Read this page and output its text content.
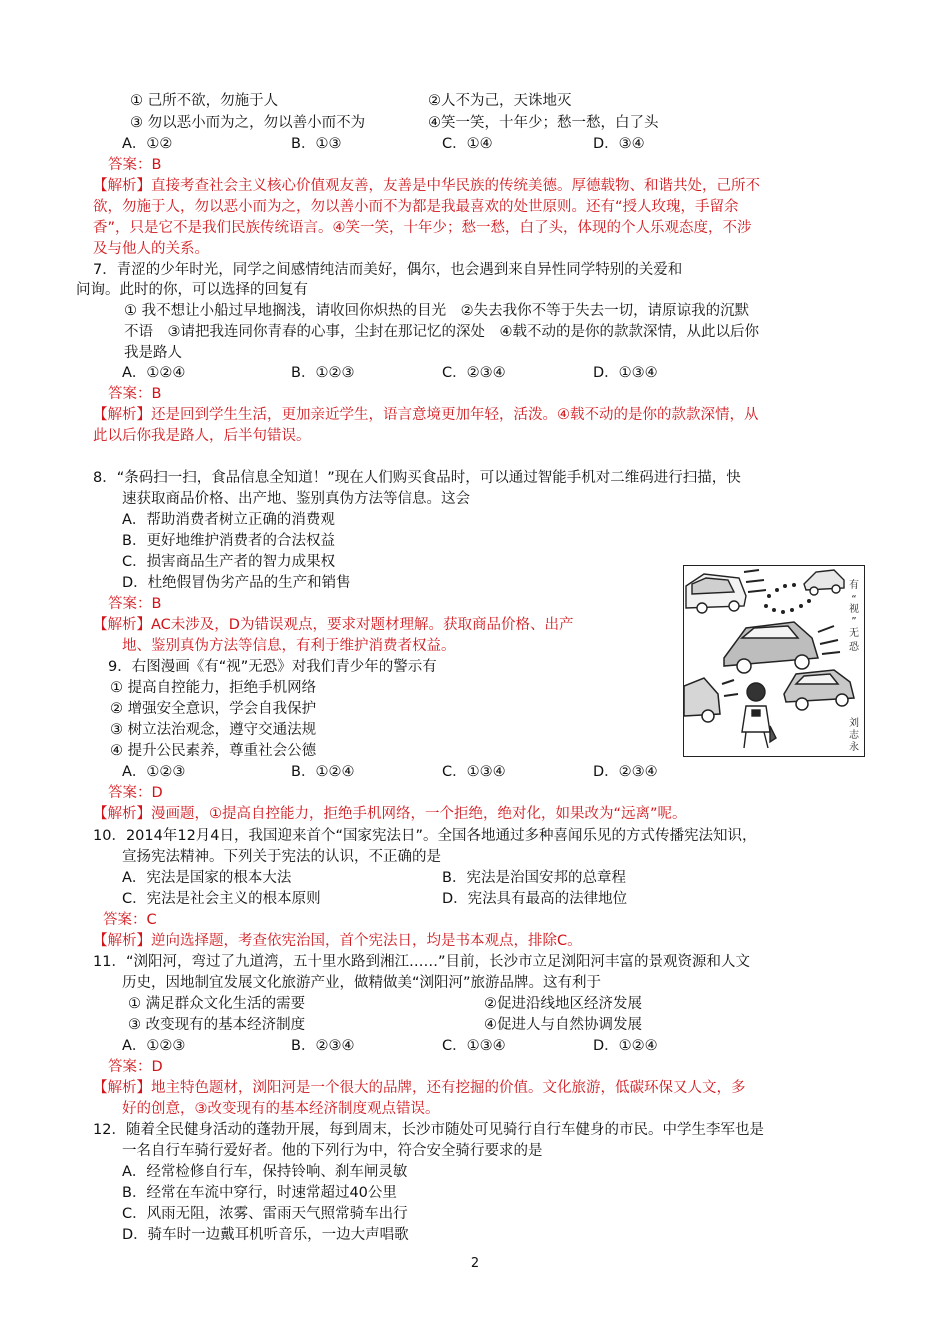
① 己所不欲，勿施于人	②人不为己，天诛地灭
③ 勿以恶小而为之，勿以善小而不为	④笑一笑，十年少；愁一愁，白了头
A．①②	B．①③	C．①④	D．③④
答案：B
【解析】直接考查社会主义核心价值观友善，友善是中华民族的传统美德。厚德载物、和谐共处，己所不
欲，勿施于人，勿以恶小而为之，勿以善小而不为都是我最喜欢的处世原则。还有“授人玫瑰，手留余
香”，只是它不是我们民族传统语言。④笑一笑，十年少；愁一愁，白了头，体现的个人乐观态度，不涉
及与他人的关系。
7．青涩的少年时光，同学之间感情纯洁而美好，偶尔，也会遇到来自异性同学特别的关爱和
问询。此时的你，可以选择的回复有
① 我不想让小船过早地搁浅，请收回你炽热的目光　②失去我你不等于失去一切，请原谅我的沉默
不语　③请把我连同你青春的心事，尘封在那记忆的深处　④载不动的是你的款款深情，从此以后你
我是路人
A．①②④	B．①②③	C．②③④	D．①③④
答案：B
【解析】还是回到学生生活，更加亲近学生，语言意境更加年轻，活泼。④载不动的是你的款款深情，从
此以后你我是路人，后半句错误。
8．“条码扫一扫，食品信息全知道！”现在人们购买食品时，可以通过智能手机对二维码进行扫描，快
速获取商品价格、出产地、鉴别真伪方法等信息。这会
A．帮助消费者树立正确的消费观
B．更好地维护消费者的合法权益
C．损害商品生产者的智力成果权
D．杜绝假冒伪劣产品的生产和销售
答案：B
【解析】AC未涉及，D为错误观点，要求对题材理解。获取商品价格、出产
地、鉴别真伪方法等信息，有利于维护消费者权益。
9．右图漫画《有“视”无恐》对我们青少年的警示有
① 提高自控能力，拒绝手机网络
② 增强安全意识，学会自我保护
③ 树立法治观念，遵守交通法规
④ 提升公民素养，尊重社会公德
A．①②③	B．①②④	C．①③④	D．②③④
答案：D
【解析】漫画题，①提高自控能力，拒绝手机网络，一个拒绝，绝对化，如果改为“远离”呢。
有
“
视
”
无
恐
刘
志
永
10．2014年12月4日，我国迎来首个“国家宪法日”。全国各地通过多种喜闻乐见的方式传播宪法知识，
宣扬宪法精神。下列关于宪法的认识，不正确的是
A．宪法是国家的根本大法	B．宪法是治国安邦的总章程
C．宪法是社会主义的根本原则	D．宪法具有最高的法律地位
答案：C
【解析】逆向选择题，考查依宪治国，首个宪法日，均是书本观点，排除C。
11．“浏阳河，弯过了九道湾，五十里水路到湘江……”目前，长沙市立足浏阳河丰富的景观资源和人文
历史，因地制宜发展文化旅游产业，做精做美“浏阳河”旅游品牌。这有利于
① 满足群众文化生活的需要	②促进沿线地区经济发展
③ 改变现有的基本经济制度	④促进人与自然协调发展
A．①②③	B．②③④	C．①③④	D．①②④
答案：D
【解析】地主特色题材，浏阳河是一个很大的品牌，还有挖掘的价值。文化旅游，低碳环保又人文，多
好的创意，③改变现有的基本经济制度观点错误。
12．随着全民健身活动的蓬勃开展，每到周末，长沙市随处可见骑行自行车健身的市民。中学生李军也是
一名自行车骑行爱好者。他的下列行为中，符合安全骑行要求的是
A．经常检修自行车，保持铃响、刹车闸灵敏
B．经常在车流中穿行，时速常超过40公里
C．风雨无阻，浓雾、雷雨天气照常骑车出行
D．骑车时一边戴耳机听音乐，一边大声唱歌
2
